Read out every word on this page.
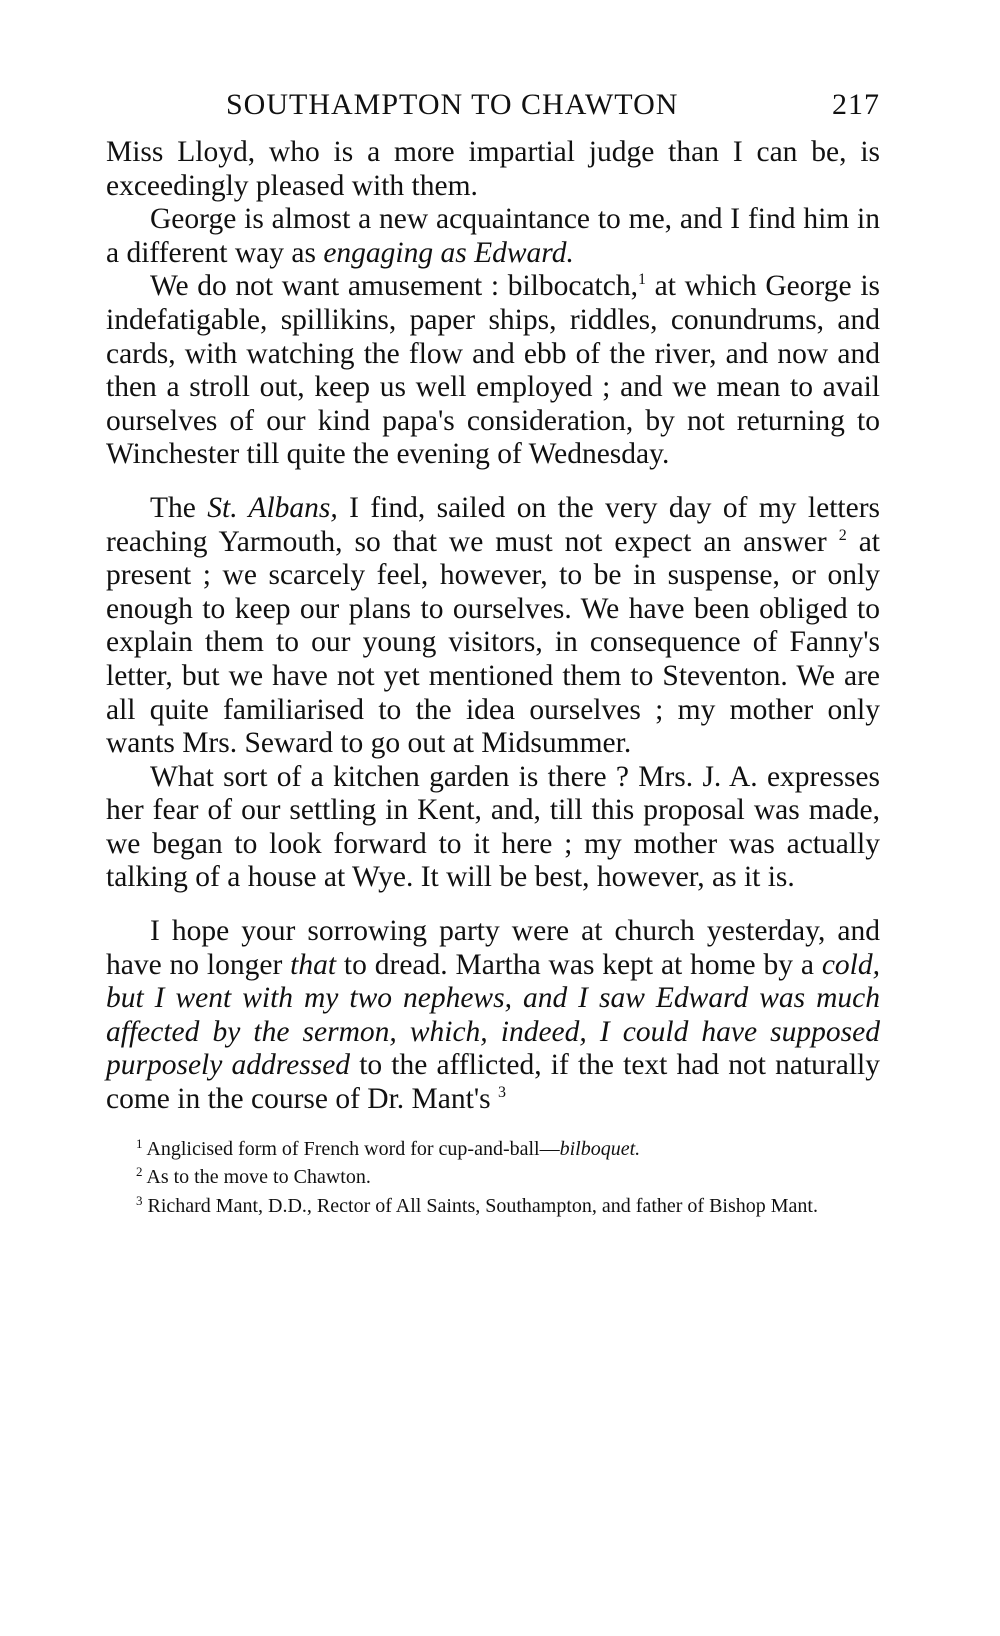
SOUTHAMPTON TO CHAWTON	217

Miss Lloyd, who is a more impartial judge than I can be, is exceedingly pleased with them.

George is almost a new acquaintance to me, and I find him in a different way as engaging as Edward.

We do not want amusement : bilbocatch,$^1$ at which George is indefatigable, spillikins, paper ships, riddles, conundrums, and cards, with watching the flow and ebb of the river, and now and then a stroll out, keep us well employed ; and we mean to avail ourselves of our kind papa's consideration, by not returning to Winchester till quite the evening of Wednesday.

The St. Albans, I find, sailed on the very day of my letters reaching Yarmouth, so that we must not expect an answer $^2$ at present ; we scarcely feel, however, to be in suspense, or only enough to keep our plans to ourselves. We have been obliged to explain them to our young visitors, in consequence of Fanny's letter, but we have not yet mentioned them to Steventon. We are all quite familiarised to the idea ourselves ; my mother only wants Mrs. Seward to go out at Midsummer.

What sort of a kitchen garden is there ? Mrs. J. A. expresses her fear of our settling in Kent, and, till this proposal was made, we began to look forward to it here ; my mother was actually talking of a house at Wye. It will be best, however, as it is.

I hope your sorrowing party were at church yesterday, and have no longer that to dread. Martha was kept at home by a cold, but I went with my two nephews, and I saw Edward was much affected by the sermon, which, indeed, I could have supposed purposely addressed to the afflicted, if the text had not naturally come in the course of Dr. Mant's $^3$

$^1$ Anglicised form of French word for cup-and-ball—bilboquet.

$^2$ As to the move to Chawton.

$^3$ Richard Mant, D.D., Rector of All Saints, Southampton, and father of Bishop Mant.
